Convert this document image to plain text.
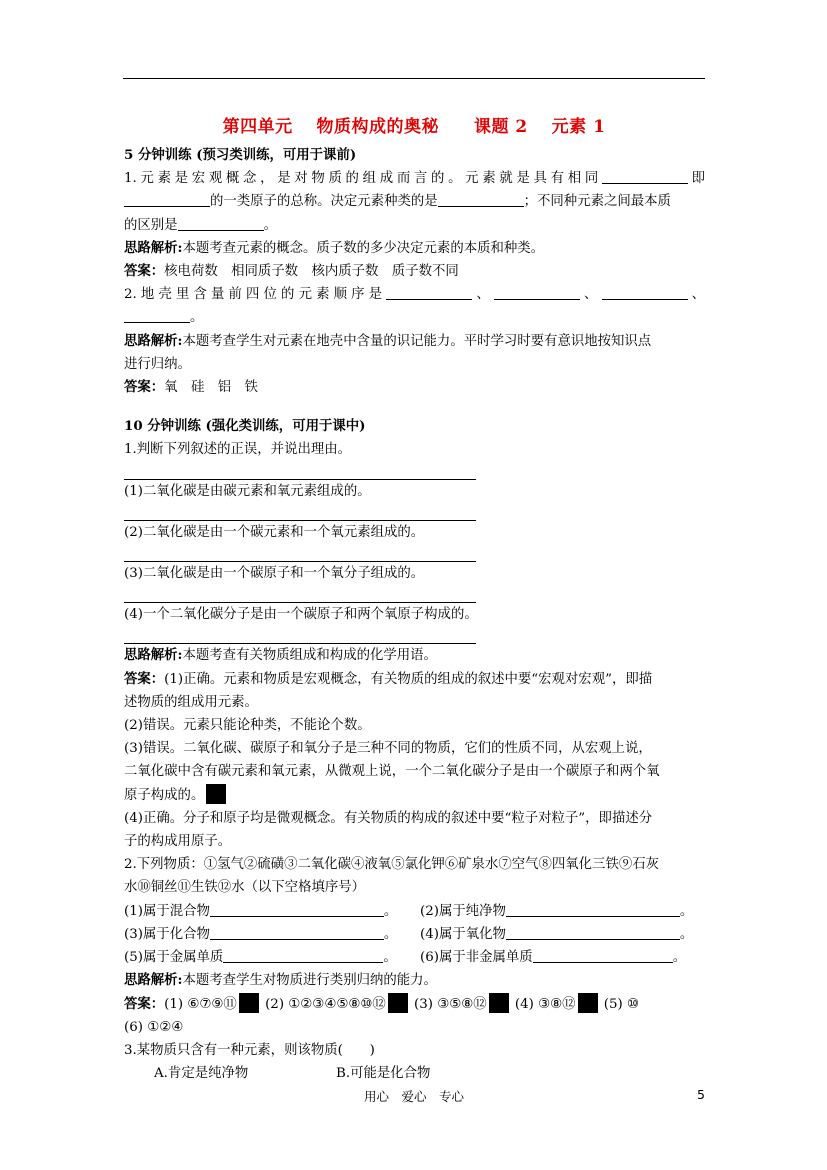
第四单元　 物质构成的奥秘　　课题 2　 元素 1
5 分钟训练 (预习类训练，可用于课前)
1.元素是宏观概念，是对物质的组成而言的。元素就是具有相同	即
的一类原子的总称。决定元素种类的是	；不同种元素之间最本质
的区别是	。
思路解析:本题考查元素的概念。质子数的多少决定元素的本质和种类。
答案：核电荷数　相同质子数　核内质子数　质子数不同
2.地壳里含量前四位的元素顺序是	、	、	、
。
思路解析:本题考查学生对元素在地壳中含量的识记能力。平时学习时要有意识地按知识点
进行归纳。
答案：氧　硅　铝　铁
10 分钟训练 (强化类训练，可用于课中)
1.判断下列叙述的正误，并说出理由。
(1)二氧化碳是由碳元素和氧元素组成的。
(2)二氧化碳是由一个碳元素和一个氧元素组成的。
(3)二氧化碳是由一个碳原子和一个氧分子组成的。
(4)一个二氧化碳分子是由一个碳原子和两个氧原子构成的。
思路解析:本题考查有关物质组成和构成的化学用语。
答案：(1)正确。元素和物质是宏观概念，有关物质的组成的叙述中要“宏观对宏观”，即描
述物质的组成用元素。
(2)错误。元素只能论种类，不能论个数。
(3)错误。二氧化碳、碳原子和氧分子是三种不同的物质，它们的性质不同，从宏观上说，
二氧化碳中含有碳元素和氧元素，从微观上说，一个二氧化碳分子是由一个碳原子和两个氧
原子构成的。
(4)正确。分子和原子均是微观概念。有关物质的构成的叙述中要“粒子对粒子”，即描述分
子的构成用原子。
2.下列物质：①氢气②硫磺③二氧化碳④液氧⑤氯化钾⑥矿泉水⑦空气⑧四氧化三铁⑨石灰
水⑩铜丝⑪生铁⑫水（以下空格填序号）
(1)属于混合物	。 (2)属于纯净物	。
(3)属于化合物	。 (4)属于氧化物	。
(5)属于金属单质	。 (6)属于非金属单质	。
思路解析:本题考查学生对物质进行类别归纳的能力。
答案：(1) ⑥⑦⑨⑪ (2) ①②③④⑤⑧⑩⑫ (3) ③⑤⑧⑫ (4) ③⑧⑫ (5) ⑩
(6) ①②④
3.某物质只含有一种元素，则该物质(　　)
A.肯定是纯净物	B.可能是化合物
用心　爱心　专心	5
